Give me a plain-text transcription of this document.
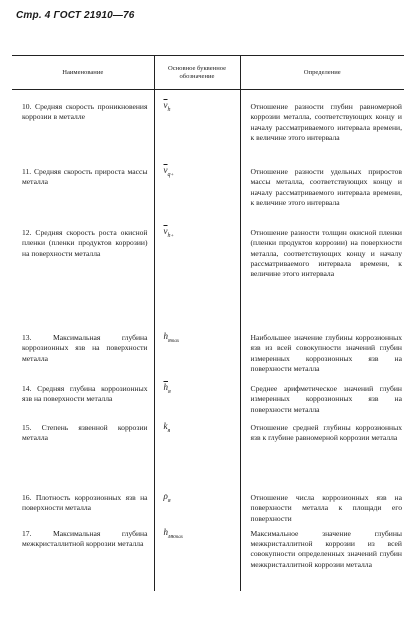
Стр. 4 ГОСТ 21910—76
Наименование	Основное буквенное обозначение	Определение
10. Средняя скорость проникновения коррозии в металле	$\overline{v}_h$	Отношение разности глубин равномерной коррозии металла, соответствующих концу и началу рассматриваемого интервала времени, к величине этого интервала
11. Средняя скорость прироста массы металла	$\overline{v}_{q+}$	Отношение разности удельных приростов массы металла, соответствующих концу и началу рассматриваемого интервала времени, к величине этого интервала
12. Средняя скорость роста окисной пленки (пленки продуктов коррозии) на поверхности металла	$\overline{v}_{h+}$	Отношение разности толщин окисной пленки (пленки продуктов коррозии) на поверхности металла, соответствующих концу и началу рассматриваемого интервала времени, к величине этого интервала
13. Максимальная глубина коррозионных язв на поверхности металла	$h_{яmax}$	Наибольшее значение глубины коррозионных язв из всей совокупности значений глубин измеренных коррозионных язв на поверхности металла
14. Средняя глубина коррозионных язв на поверхности металла	$\overline{h}_я$	Среднее арифметическое значений глубин измеренных коррозионных язв на поверхности металла
15. Степень язвенной коррозии металла	$k_я$	Отношение средней глубины коррозионных язв к глубине равномерной коррозии металла
16. Плотность коррозионных язв на поверхности металла	$\rho_я$	Отношение числа коррозионных язв на поверхности металла к площади его поверхности
17. Максимальная глубина межкристаллитной коррозии металла	$h_{мкmax}$	Максимальное значение глубины межкристаллитной коррозии из всей совокупности определенных значений глубин межкристаллитной коррозии металла
